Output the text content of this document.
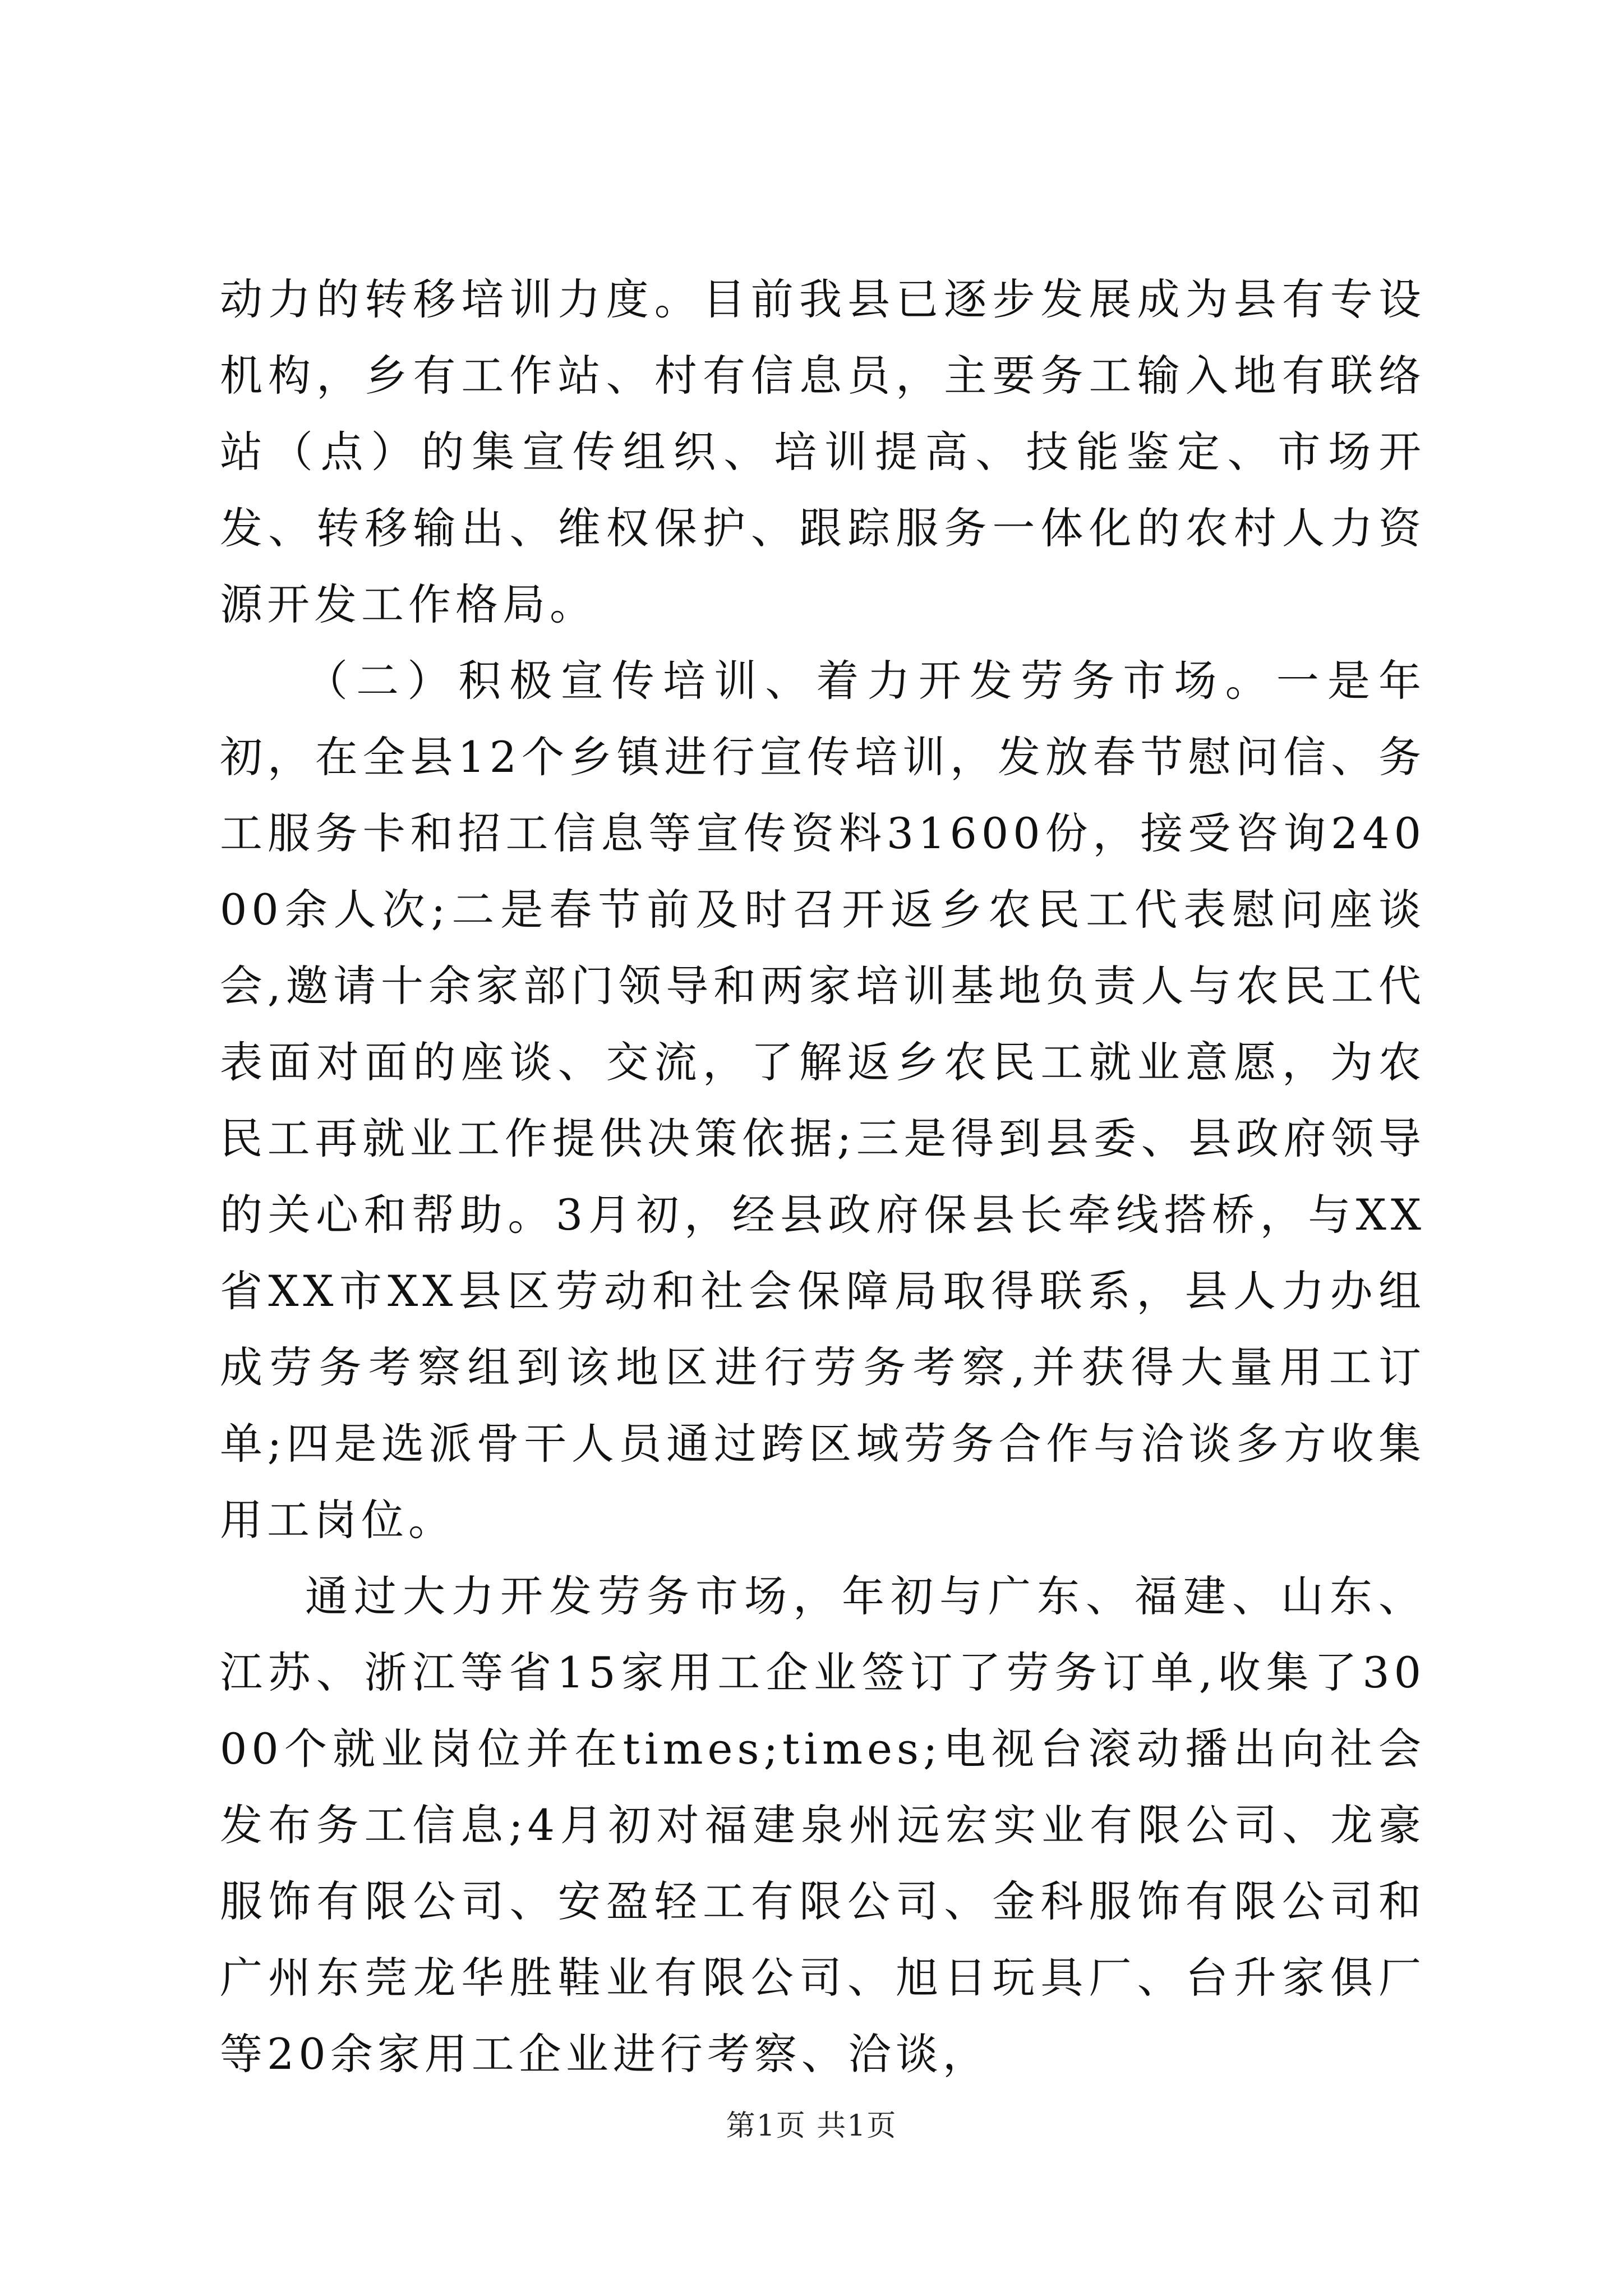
动力的转移培训力度。目前我县已逐步发展成为县有专设机构，乡有工作站、村有信息员，主要务工输入地有联络站（点）的集宣传组织、培训提高、技能鉴定、市场开发、转移输出、维权保护、跟踪服务一体化的农村人力资源开发工作格局。

（二）积极宣传培训、着力开发劳务市场。一是年初，在全县12个乡镇进行宣传培训，发放春节慰问信、务工服务卡和招工信息等宣传资料31600份，接受咨询24000余人次;二是春节前及时召开返乡农民工代表慰问座谈会,邀请十余家部门领导和两家培训基地负责人与农民工代表面对面的座谈、交流，了解返乡农民工就业意愿，为农民工再就业工作提供决策依据;三是得到县委、县政府领导的关心和帮助。3月初，经县政府保县长牵线搭桥，与XX省XX市XX县区劳动和社会保障局取得联系，县人力办组成劳务考察组到该地区进行劳务考察,并获得大量用工订单;四是选派骨干人员通过跨区域劳务合作与洽谈多方收集用工岗位。

通过大力开发劳务市场，年初与广东、福建、山东、江苏、浙江等省15家用工企业签订了劳务订单,收集了3000个就业岗位并在times;times;电视台滚动播出向社会发布务工信息;4月初对福建泉州远宏实业有限公司、龙豪服饰有限公司、安盈轻工有限公司、金科服饰有限公司和广州东莞龙华胜鞋业有限公司、旭日玩具厂、台升家俱厂等20余家用工企业进行考察、洽谈，

第1页 共1页
